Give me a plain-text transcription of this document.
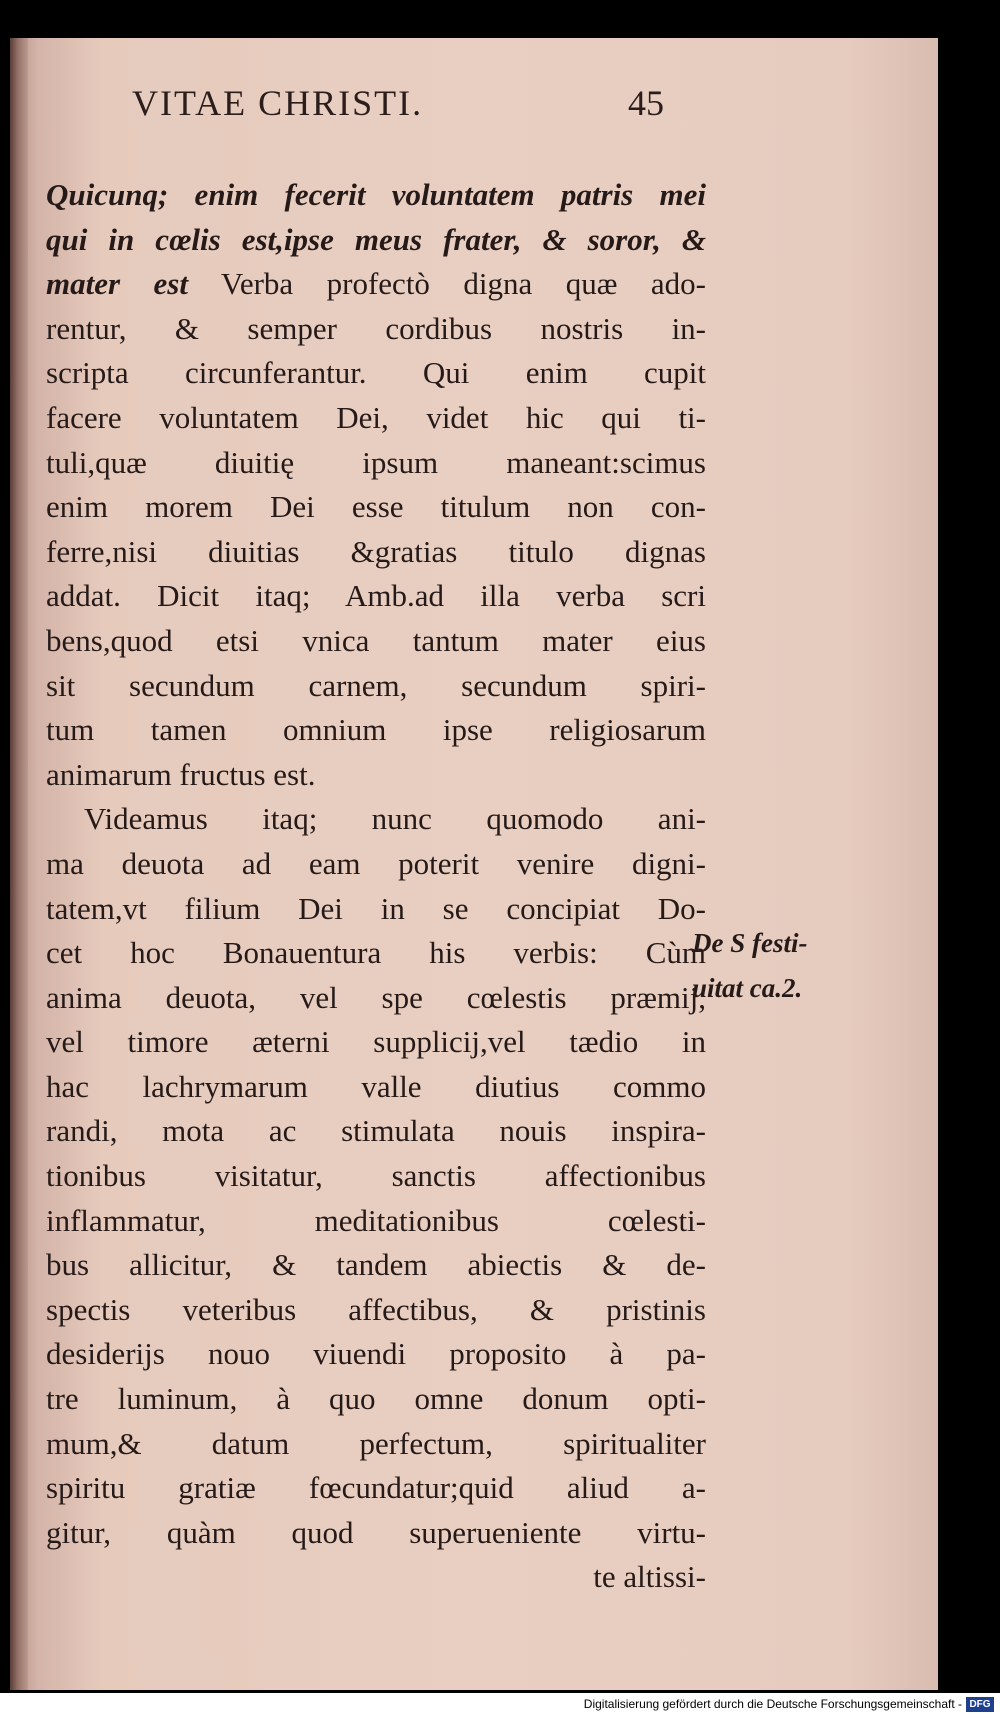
VITAE CHRISTI.	45
Quicunq; enim fecerit voluntatem patris mei
qui in cœlis est,ipse meus frater, & soror, &
mater est Verba profectò digna quæ ado-
rentur, & semper cordibus nostris in-
scripta circunferantur. Qui enim cupit
facere voluntatem Dei, videt hic qui ti-
tuli,quæ diuitię ipsum maneant:scimus
enim morem Dei esse titulum non con-
ferre,nisi diuitias &gratias titulo dignas
addat. Dicit itaq; Amb.ad illa verba scri
bens,quod etsi vnica tantum mater eius
sit secundum carnem, secundum spiri-
tum tamen omnium ipse religiosarum
animarum fructus est.
Videamus itaq; nunc quomodo ani-
ma deuota ad eam poterit venire digni-
tatem,vt filium Dei in se concipiat Do-
cet hoc Bonauentura his verbis: Cùm
anima deuota, vel spe cœlestis præmij,
vel timore æterni supplicij,vel tædio in
hac lachrymarum valle diutius commo
randi, mota ac stimulata nouis inspira-
tionibus visitatur, sanctis affectionibus
inflammatur, meditationibus cœlesti-
bus allicitur, & tandem abiectis & de-
spectis veteribus affectibus, & pristinis
desiderijs nouo viuendi proposito à pa-
tre luminum, à quo omne donum opti-
mum,& datum perfectum, spiritualiter
spiritu gratiæ fœcundatur;quid aliud a-
gitur, quàm quod superueniente virtu-
te altissi-
De S festi-
uitat ca.2.
Digitalisierung gefördert durch die Deutsche Forschungsgemeinschaft - DFG
